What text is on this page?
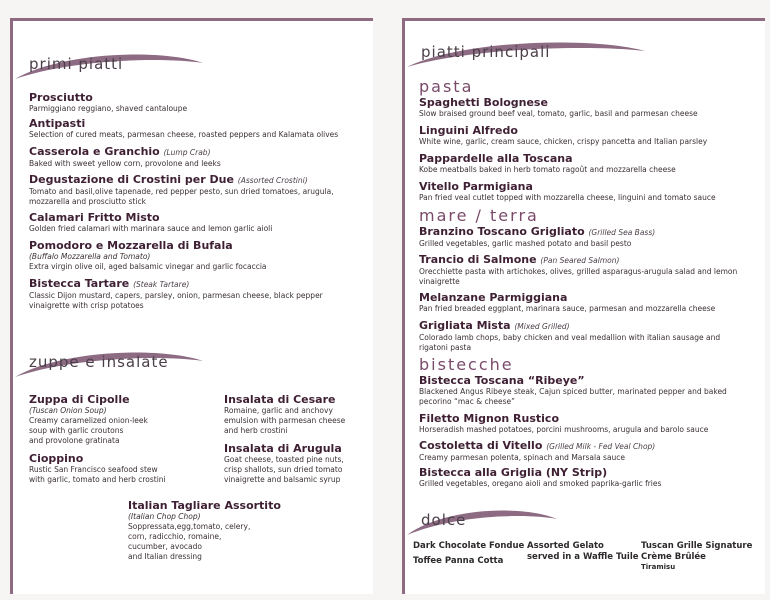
primi piatti
Prosciutto
Parmiggiano reggiano, shaved cantaloupe
Antipasti
Selection of cured meats, parmesan cheese, roasted peppers and Kalamata olives
Casserola e Granchio (Lump Crab)
Baked with sweet yellow corn, provolone and leeks
Degustazione di Crostini per Due (Assorted Crostini)
Tomato and basil,olive tapenade, red pepper pesto, sun dried tomatoes, arugula,
mozzarella and prosciutto stick
Calamari Fritto Misto
Golden fried calamari with marinara sauce and lemon garlic aioli
Pomodoro e Mozzarella di Bufala
(Buffalo Mozzarella and Tomato)
Extra virgin olive oil, aged balsamic vinegar and garlic focaccia
Bistecca Tartare (Steak Tartare)
Classic Dijon mustard, capers, parsley, onion, parmesan cheese, black pepper
vinaigrette with crisp potatoes
zuppe e insalate
Zuppa di Cipolle
(Tuscan Onion Soup)
Creamy caramelized onion-leek
soup with garlic croutons
and provolone gratinata
Cioppino
Rustic San Francisco seafood stew
with garlic, tomato and herb crostini
Insalata di Cesare
Romaine, garlic and anchovy
emulsion with parmesan cheese
and herb crostini
Insalata di Arugula
Goat cheese, toasted pine nuts,
crisp shallots, sun dried tomato
vinaigrette and balsamic syrup
Italian Tagliare Assortito
(Italian Chop Chop)
Soppressata,egg,tomato, celery,
corn, radicchio, romaine,
cucumber, avocado
and Italian dressing
piatti principali
pasta
Spaghetti Bolognese
Slow braised ground beef veal, tomato, garlic, basil and parmesan cheese
Linguini Alfredo
White wine, garlic, cream sauce, chicken, crispy pancetta and Italian parsley
Pappardelle alla Toscana
Kobe meatballs baked in herb tomato ragoût and mozzarella cheese
Vitello Parmigiana
Pan fried veal cutlet topped with mozzarella cheese, linguini and tomato sauce
mare / terra
Branzino Toscano Grigliato (Grilled Sea Bass)
Grilled vegetables, garlic mashed potato and basil pesto
Trancio di Salmone (Pan Seared Salmon)
Orecchiette pasta with artichokes, olives, grilled asparagus-arugula salad and lemon
vinaigrette
Melanzane Parmiggiana
Pan fried breaded eggplant, marinara sauce, parmesan and mozzarella cheese
Grigliata Mista (Mixed Grilled)
Colorado lamb chops, baby chicken and veal medallion with italian sausage and
rigatoni pasta
bistecche
Bistecca Toscana “Ribeye”
Blackened Angus Ribeye steak, Cajun spiced butter, marinated pepper and baked
pecorino “mac & cheese”
Filetto Mignon Rustico
Horseradish mashed potatoes, porcini mushrooms, arugula and barolo sauce
Costoletta di Vitello (Grilled Milk - Fed Veal Chop)
Creamy parmesan polenta, spinach and Marsala sauce
Bistecca alla Griglia (NY Strip)
Grilled vegetables, oregano aioli and smoked paprika-garlic fries
dolce
Dark Chocolate Fondue
Toffee Panna Cotta
Assorted Gelato
served in a Waffle Tuile
Tuscan Grille Signature
Crème Brûlée
Tiramisu
